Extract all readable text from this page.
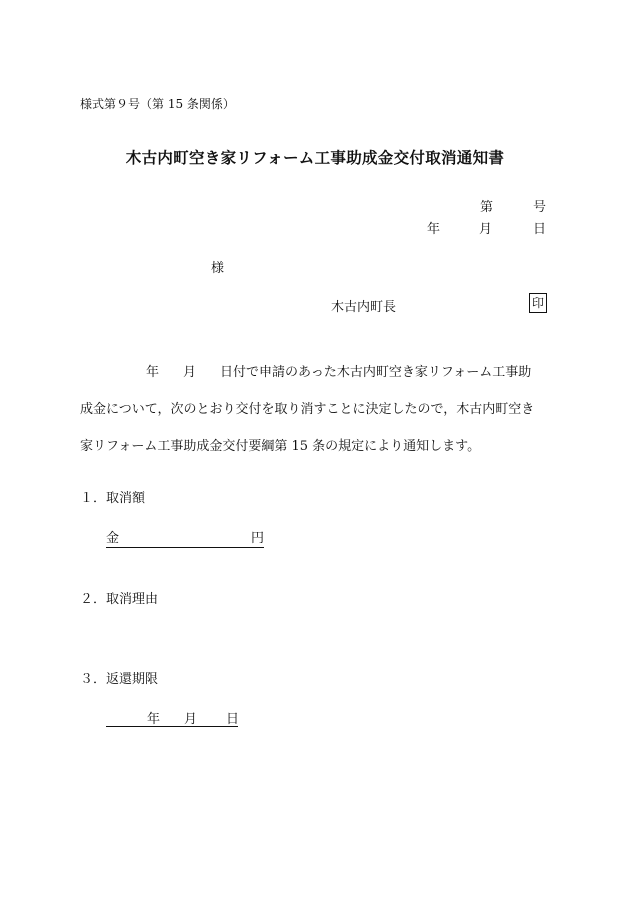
様式第９号（第 15 条関係）
木古内町空き家リフォーム工事助成金交付取消通知書
第	号
年	月	日
様
木古内町長	印

年 月 日付で申請のあった木古内町空き家リフォーム工事助

成金について，次のとおり交付を取り消すことに決定したので，木古内町空き

家リフォーム工事助成金交付要綱第 15 条の規定により通知します。

１．取消額
金	円
２．取消理由
３．返還期限
年 月 日
